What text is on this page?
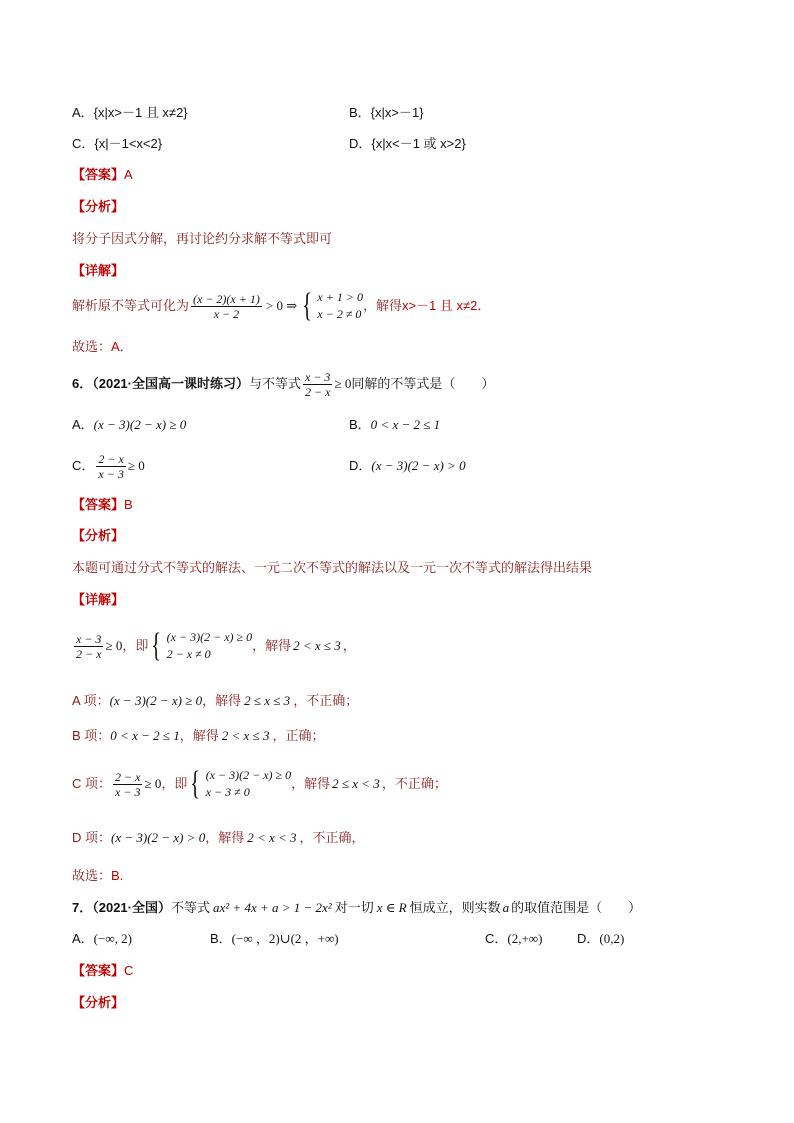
A．{x|x>－1 且 x≠2}	B．{x|x>－1}
C．{x|－1<x<2}	D．{x|x<－1 或 x>2}
【答案】A
【分析】
将分子因式分解，再讨论约分求解不等式即可
【详解】
解析原不等式可化为 $\frac{(x - 2)(x + 1)}{x - 2} > 0$ ⇒ { x + 1 > 0
x − 2 ≠ 0
，解得 x>－1 且 x≠2．
故选：A．
6．（2021·全国高一课时练习） 与不等式 $\frac{x - 3}{2 - x} \ge 0$ 同解的不等式是（　　）
A．(x − 3)(2 − x) ≥ 0	B．0 < x − 2 ≤ 1
C． $\frac{2 - x}{x - 3} \ge 0$	D．(x − 3)(2 − x) > 0
【答案】B
【分析】
本题可通过分式不等式的解法、一元二次不等式的解法以及一元一次不等式的解法得出结果
【详解】
$\frac{x - 3}{2 - x} \ge 0$ ，即 { (x − 3)(2 − x) ≥ 0
2 − x ≠ 0
，解得 2 < x ≤ 3 ，
A 项：(x − 3)(2 − x) ≥ 0，解得 2 ≤ x ≤ 3 ，不正确；
B 项：0 < x − 2 ≤ 1，解得 2 < x ≤ 3 ，正确；
C 项： $\frac{2 - x}{x - 3} \ge 0$ ，即 { (x − 3)(2 − x) ≥ 0
x − 3 ≠ 0
，解得 2 ≤ x < 3 ，不正确；
D 项：(x − 3)(2 − x) > 0，解得 2 < x < 3 ，不正确，
故选：B.
7．（2021·全国）不等式 ax² + 4x + a > 1 − 2x² 对一切 x ∈ R 恒成立，则实数 a 的取值范围是（　　）
A．(−∞, 2)	B．(−∞ ，2)∪(2 ，+∞)	C．(2,+∞)	D．(0,2)
【答案】C
【分析】
